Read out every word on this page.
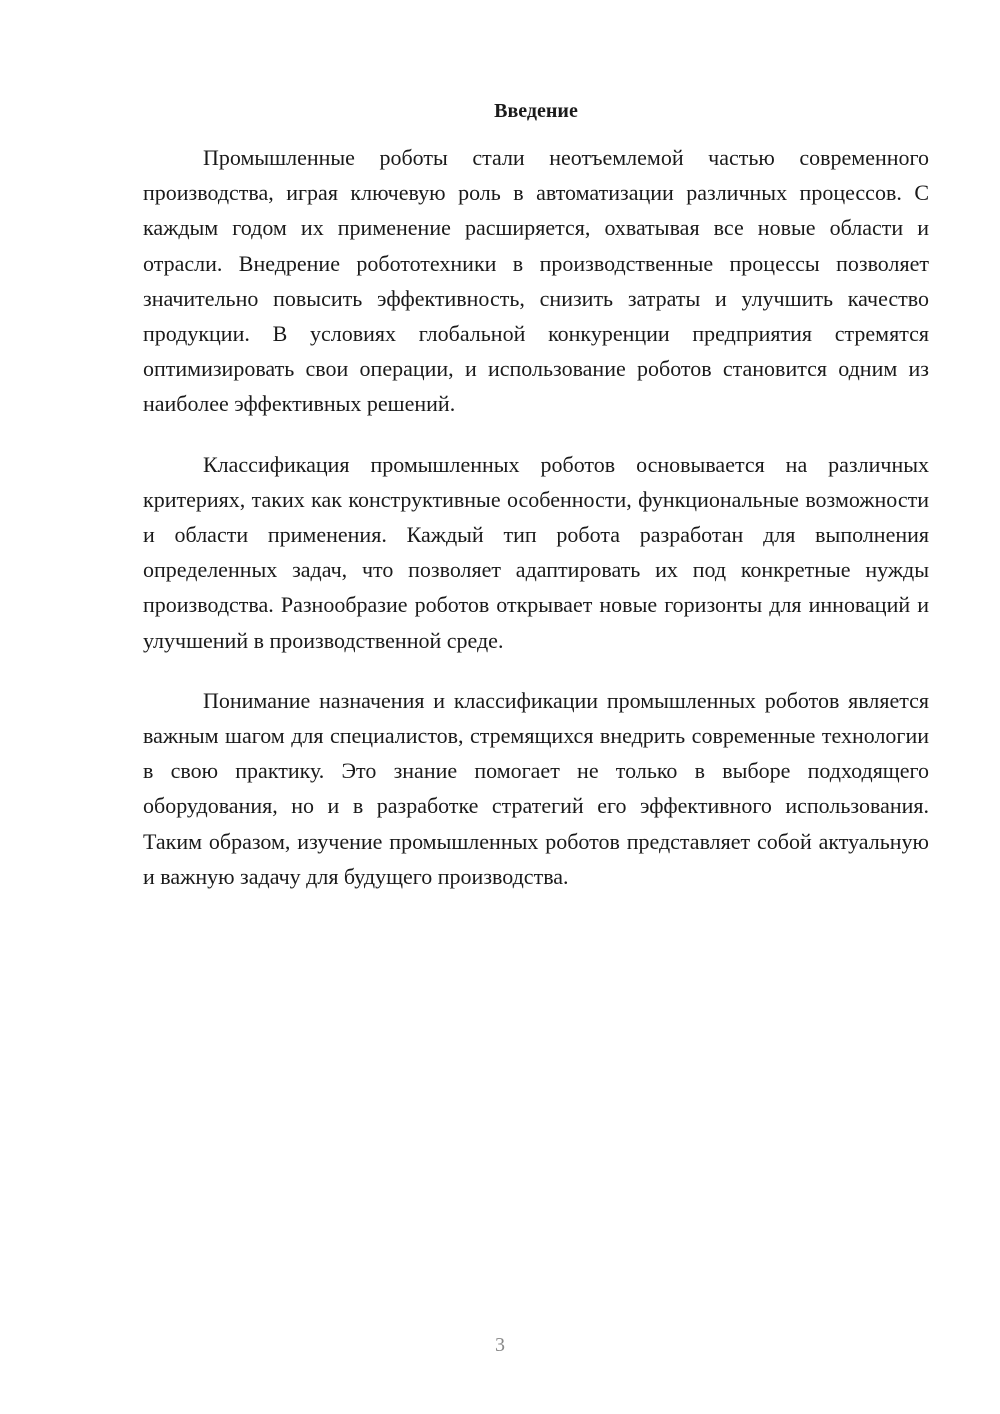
Введение

Промышленные роботы стали неотъемлемой частью современного производства, играя ключевую роль в автоматизации различных процессов. С каждым годом их применение расширяется, охватывая все новые области и отрасли. Внедрение робототехники в производственные процессы позволяет значительно повысить эффективность, снизить затраты и улучшить качество продукции. В условиях глобальной конкуренции предприятия стремятся оптимизировать свои операции, и использование роботов становится одним из наиболее эффективных решений.

Классификация промышленных роботов основывается на различных критериях, таких как конструктивные особенности, функциональные возможности и области применения. Каждый тип робота разработан для выполнения определенных задач, что позволяет адаптировать их под конкретные нужды производства. Разнообразие роботов открывает новые горизонты для инноваций и улучшений в производственной среде.

Понимание назначения и классификации промышленных роботов является важным шагом для специалистов, стремящихся внедрить современные технологии в свою практику. Это знание помогает не только в выборе подходящего оборудования, но и в разработке стратегий его эффективного использования. Таким образом, изучение промышленных роботов представляет собой актуальную и важную задачу для будущего производства.

3
